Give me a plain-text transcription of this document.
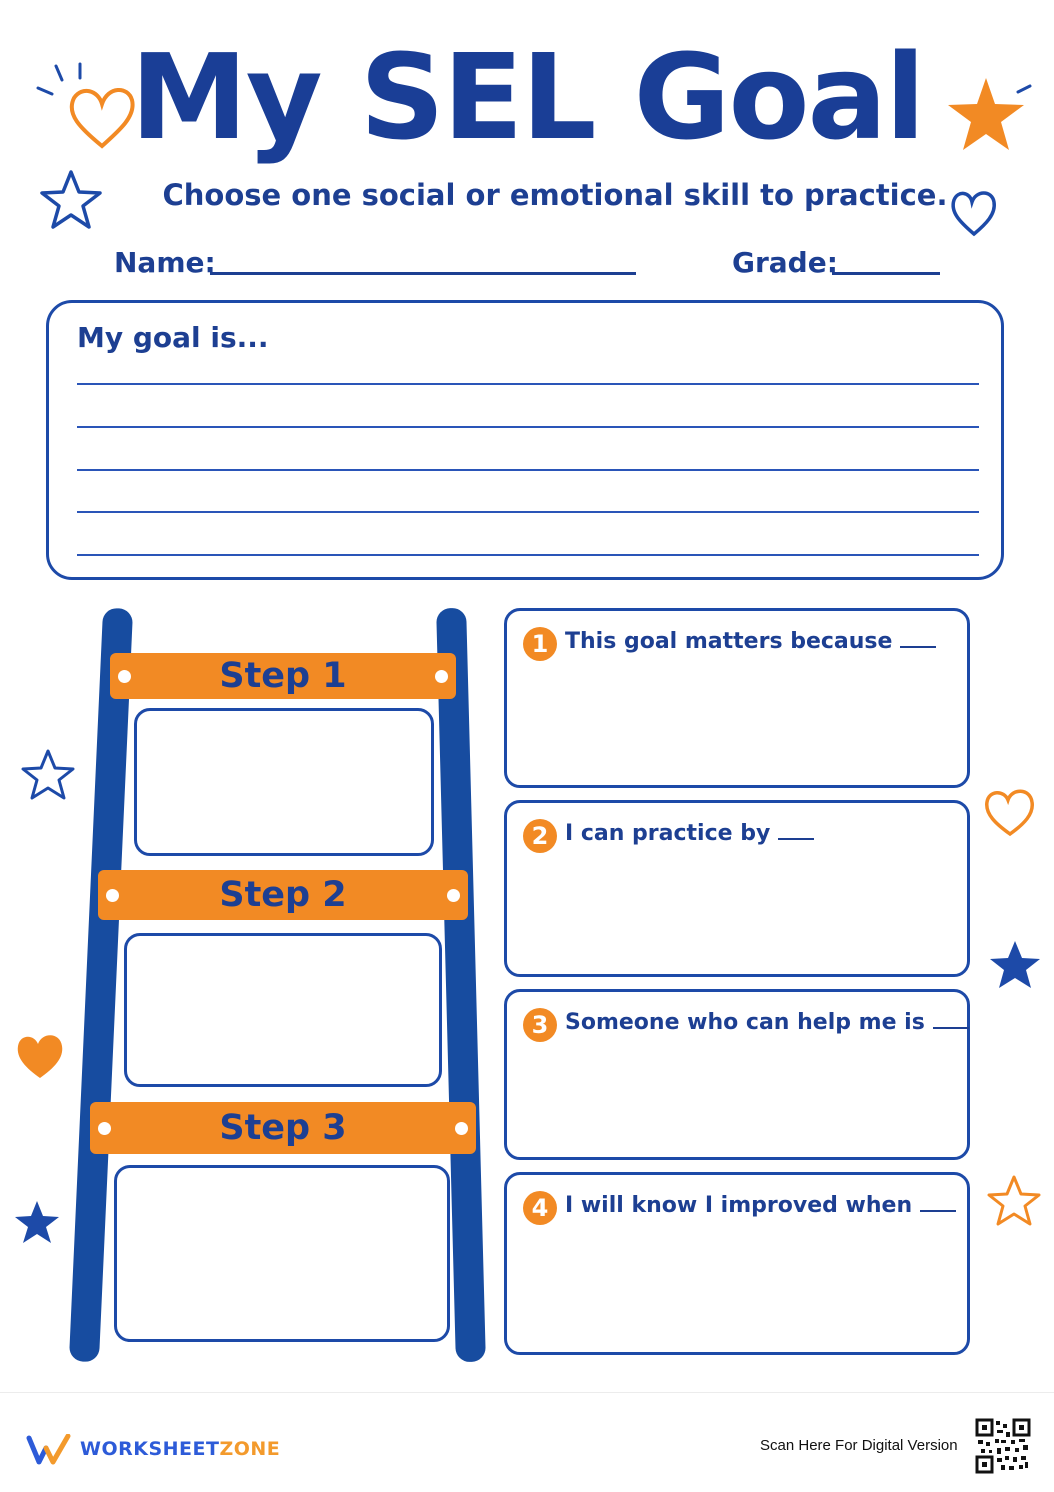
My SEL Goal
Choose one social or emotional skill to practice.
Name:	Grade:
My goal is...
Step 1
Step 2
Step 3
1 This goal matters because
2 I can practice by
3 Someone who can help me is
4 I will know I improved when
WORKSHEETZONE	Scan Here For Digital Version
